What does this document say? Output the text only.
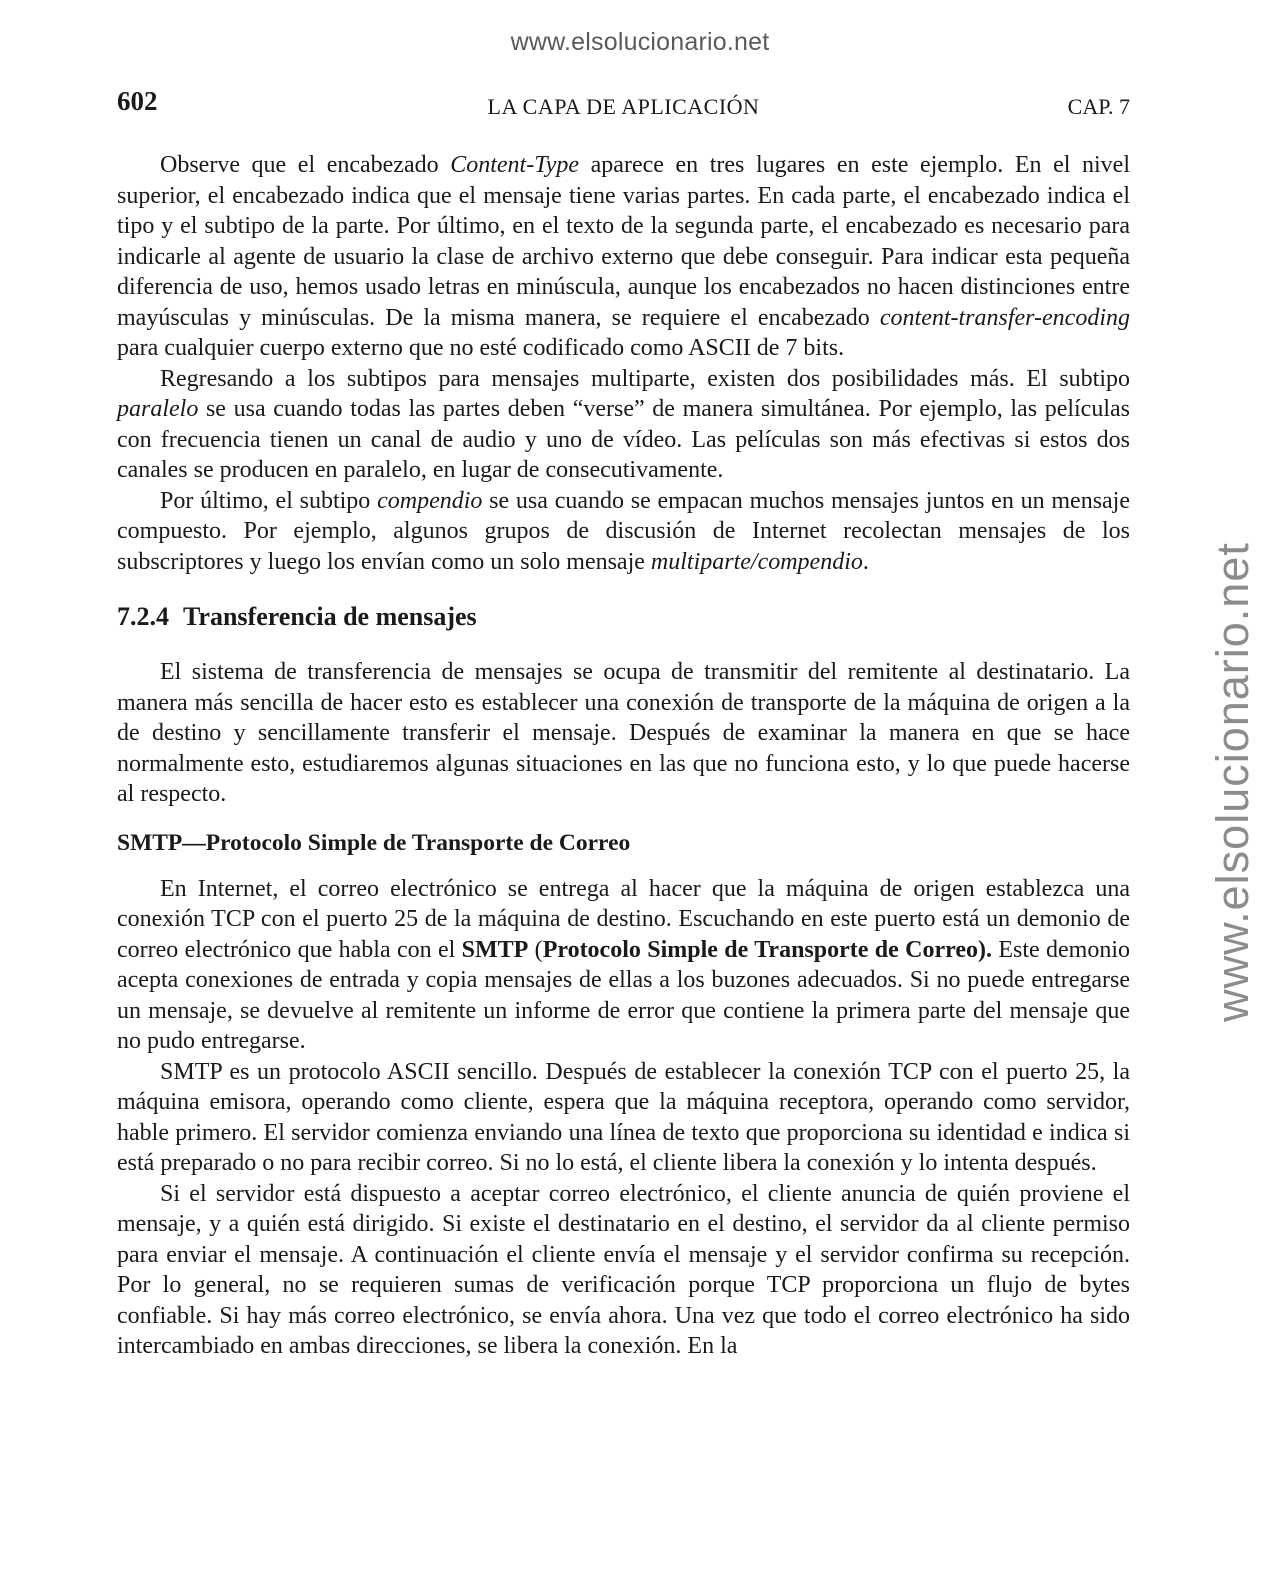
www.elsolucionario.net
www.elsolucionario.net
602	LA CAPA DE APLICACIÓN	CAP. 7

Observe que el encabezado Content-Type aparece en tres lugares en este ejemplo. En el nivel superior, el encabezado indica que el mensaje tiene varias partes. En cada parte, el encabezado indica el tipo y el subtipo de la parte. Por último, en el texto de la segunda parte, el encabezado es necesario para indicarle al agente de usuario la clase de archivo externo que debe conseguir. Para indicar esta pequeña diferencia de uso, hemos usado letras en minúscula, aunque los encabezados no hacen distinciones entre mayúsculas y minúsculas. De la misma manera, se requiere el encabezado content-transfer-encoding para cualquier cuerpo externo que no esté codificado como ASCII de 7 bits.

Regresando a los subtipos para mensajes multiparte, existen dos posibilidades más. El subtipo paralelo se usa cuando todas las partes deben “verse” de manera simultánea. Por ejemplo, las películas con frecuencia tienen un canal de audio y uno de vídeo. Las películas son más efectivas si estos dos canales se producen en paralelo, en lugar de consecutivamente.

Por último, el subtipo compendio se usa cuando se empacan muchos mensajes juntos en un mensaje compuesto. Por ejemplo, algunos grupos de discusión de Internet recolectan mensajes de los subscriptores y luego los envían como un solo mensaje multiparte/compendio.

7.2.4 Transferencia de mensajes

El sistema de transferencia de mensajes se ocupa de transmitir del remitente al destinatario. La manera más sencilla de hacer esto es establecer una conexión de transporte de la máquina de origen a la de destino y sencillamente transferir el mensaje. Después de examinar la manera en que se hace normalmente esto, estudiaremos algunas situaciones en las que no funciona esto, y lo que puede hacerse al respecto.

SMTP—Protocolo Simple de Transporte de Correo

En Internet, el correo electrónico se entrega al hacer que la máquina de origen establezca una conexión TCP con el puerto 25 de la máquina de destino. Escuchando en este puerto está un demonio de correo electrónico que habla con el SMTP (Protocolo Simple de Transporte de Correo). Este demonio acepta conexiones de entrada y copia mensajes de ellas a los buzones adecuados. Si no puede entregarse un mensaje, se devuelve al remitente un informe de error que contiene la primera parte del mensaje que no pudo entregarse.

SMTP es un protocolo ASCII sencillo. Después de establecer la conexión TCP con el puerto 25, la máquina emisora, operando como cliente, espera que la máquina receptora, operando como servidor, hable primero. El servidor comienza enviando una línea de texto que proporciona su identidad e indica si está preparado o no para recibir correo. Si no lo está, el cliente libera la conexión y lo intenta después.

Si el servidor está dispuesto a aceptar correo electrónico, el cliente anuncia de quién proviene el mensaje, y a quién está dirigido. Si existe el destinatario en el destino, el servidor da al cliente permiso para enviar el mensaje. A continuación el cliente envía el mensaje y el servidor confirma su recepción. Por lo general, no se requieren sumas de verificación porque TCP proporciona un flujo de bytes confiable. Si hay más correo electrónico, se envía ahora. Una vez que todo el correo electrónico ha sido intercambiado en ambas direcciones, se libera la conexión. En la
